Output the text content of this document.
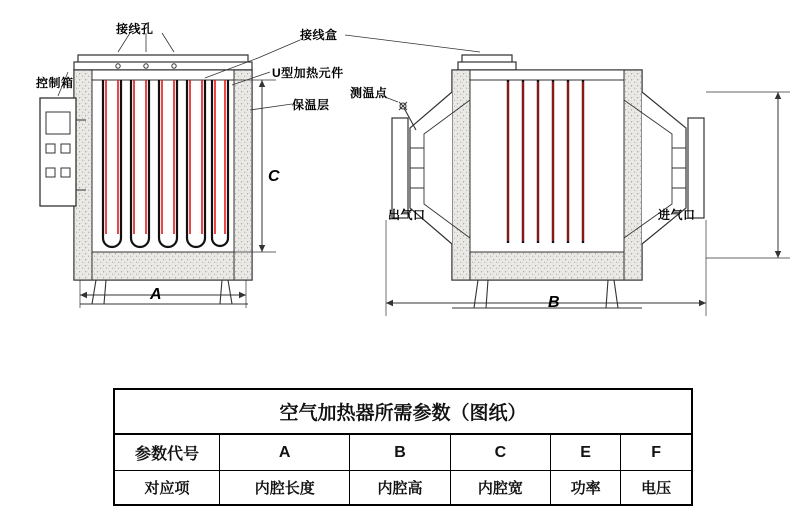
接线孔	接线盒
控制箱
U型加热元件
保温层
测温点
出气口	进气口
C
A	B
空气加热器所需参数（图纸）					
参数代号	A	B	C	E	F
对应项	内腔长度	内腔高	内腔宽	功率	电压
